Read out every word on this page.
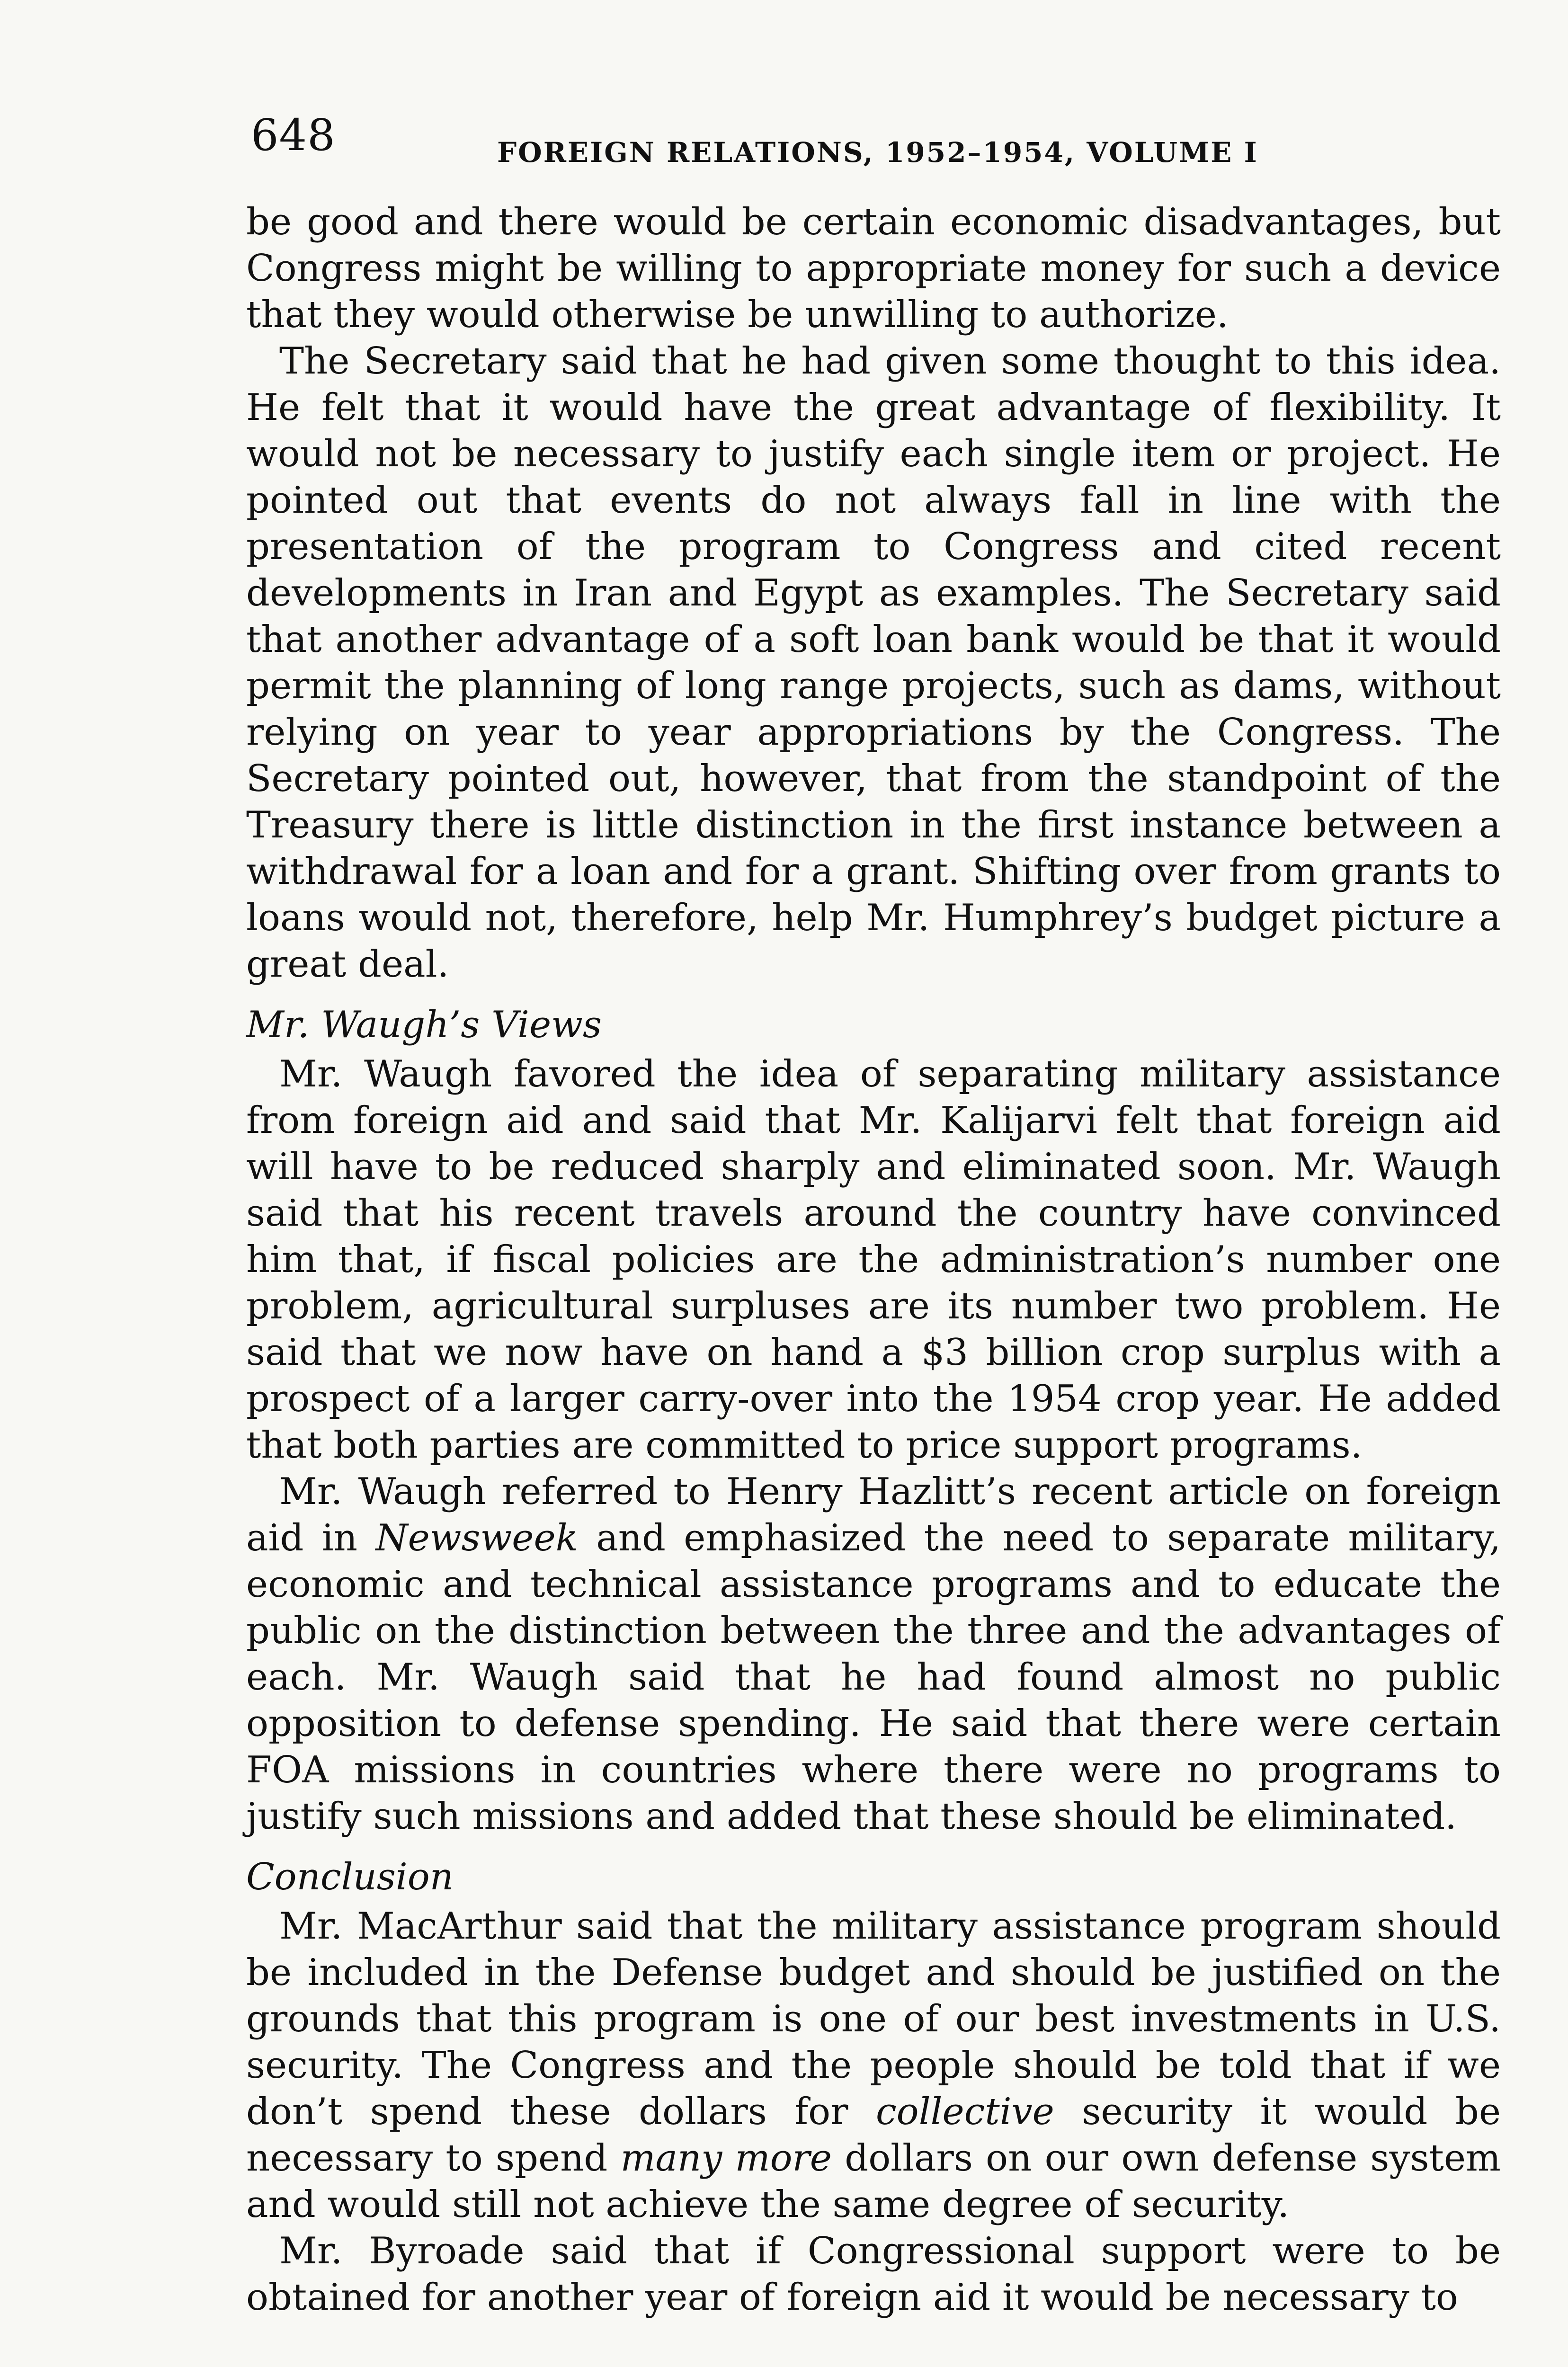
648	FOREIGN RELATIONS, 1952–1954, VOLUME I

be good and there would be certain economic disadvantages, but Congress might be willing to appropriate money for such a device that they would otherwise be unwilling to authorize.

The Secretary said that he had given some thought to this idea. He felt that it would have the great advantage of flexibility. It would not be necessary to justify each single item or project. He pointed out that events do not always fall in line with the presentation of the program to Congress and cited recent developments in Iran and Egypt as examples. The Secretary said that another advantage of a soft loan bank would be that it would permit the planning of long range projects, such as dams, without relying on year to year appropriations by the Congress. The Secretary pointed out, however, that from the standpoint of the Treasury there is little distinction in the first instance between a withdrawal for a loan and for a grant. Shifting over from grants to loans would not, therefore, help Mr. Humphrey’s budget picture a great deal.

Mr. Waugh’s Views

Mr. Waugh favored the idea of separating military assistance from foreign aid and said that Mr. Kalijarvi felt that foreign aid will have to be reduced sharply and eliminated soon. Mr. Waugh said that his recent travels around the country have convinced him that, if fiscal policies are the administration’s number one problem, agricultural surpluses are its number two problem. He said that we now have on hand a $3 billion crop surplus with a prospect of a larger carry-over into the 1954 crop year. He added that both parties are committed to price support programs.

Mr. Waugh referred to Henry Hazlitt’s recent article on foreign aid in Newsweek and emphasized the need to separate military, economic and technical assistance programs and to educate the public on the distinction between the three and the advantages of each. Mr. Waugh said that he had found almost no public opposition to defense spending. He said that there were certain FOA missions in countries where there were no programs to justify such missions and added that these should be eliminated.

Conclusion

Mr. MacArthur said that the military assistance program should be included in the Defense budget and should be justified on the grounds that this program is one of our best investments in U.S. security. The Congress and the people should be told that if we don’t spend these dollars for collective security it would be necessary to spend many more dollars on our own defense system and would still not achieve the same degree of security.

Mr. Byroade said that if Congressional support were to be obtained for another year of foreign aid it would be necessary to
